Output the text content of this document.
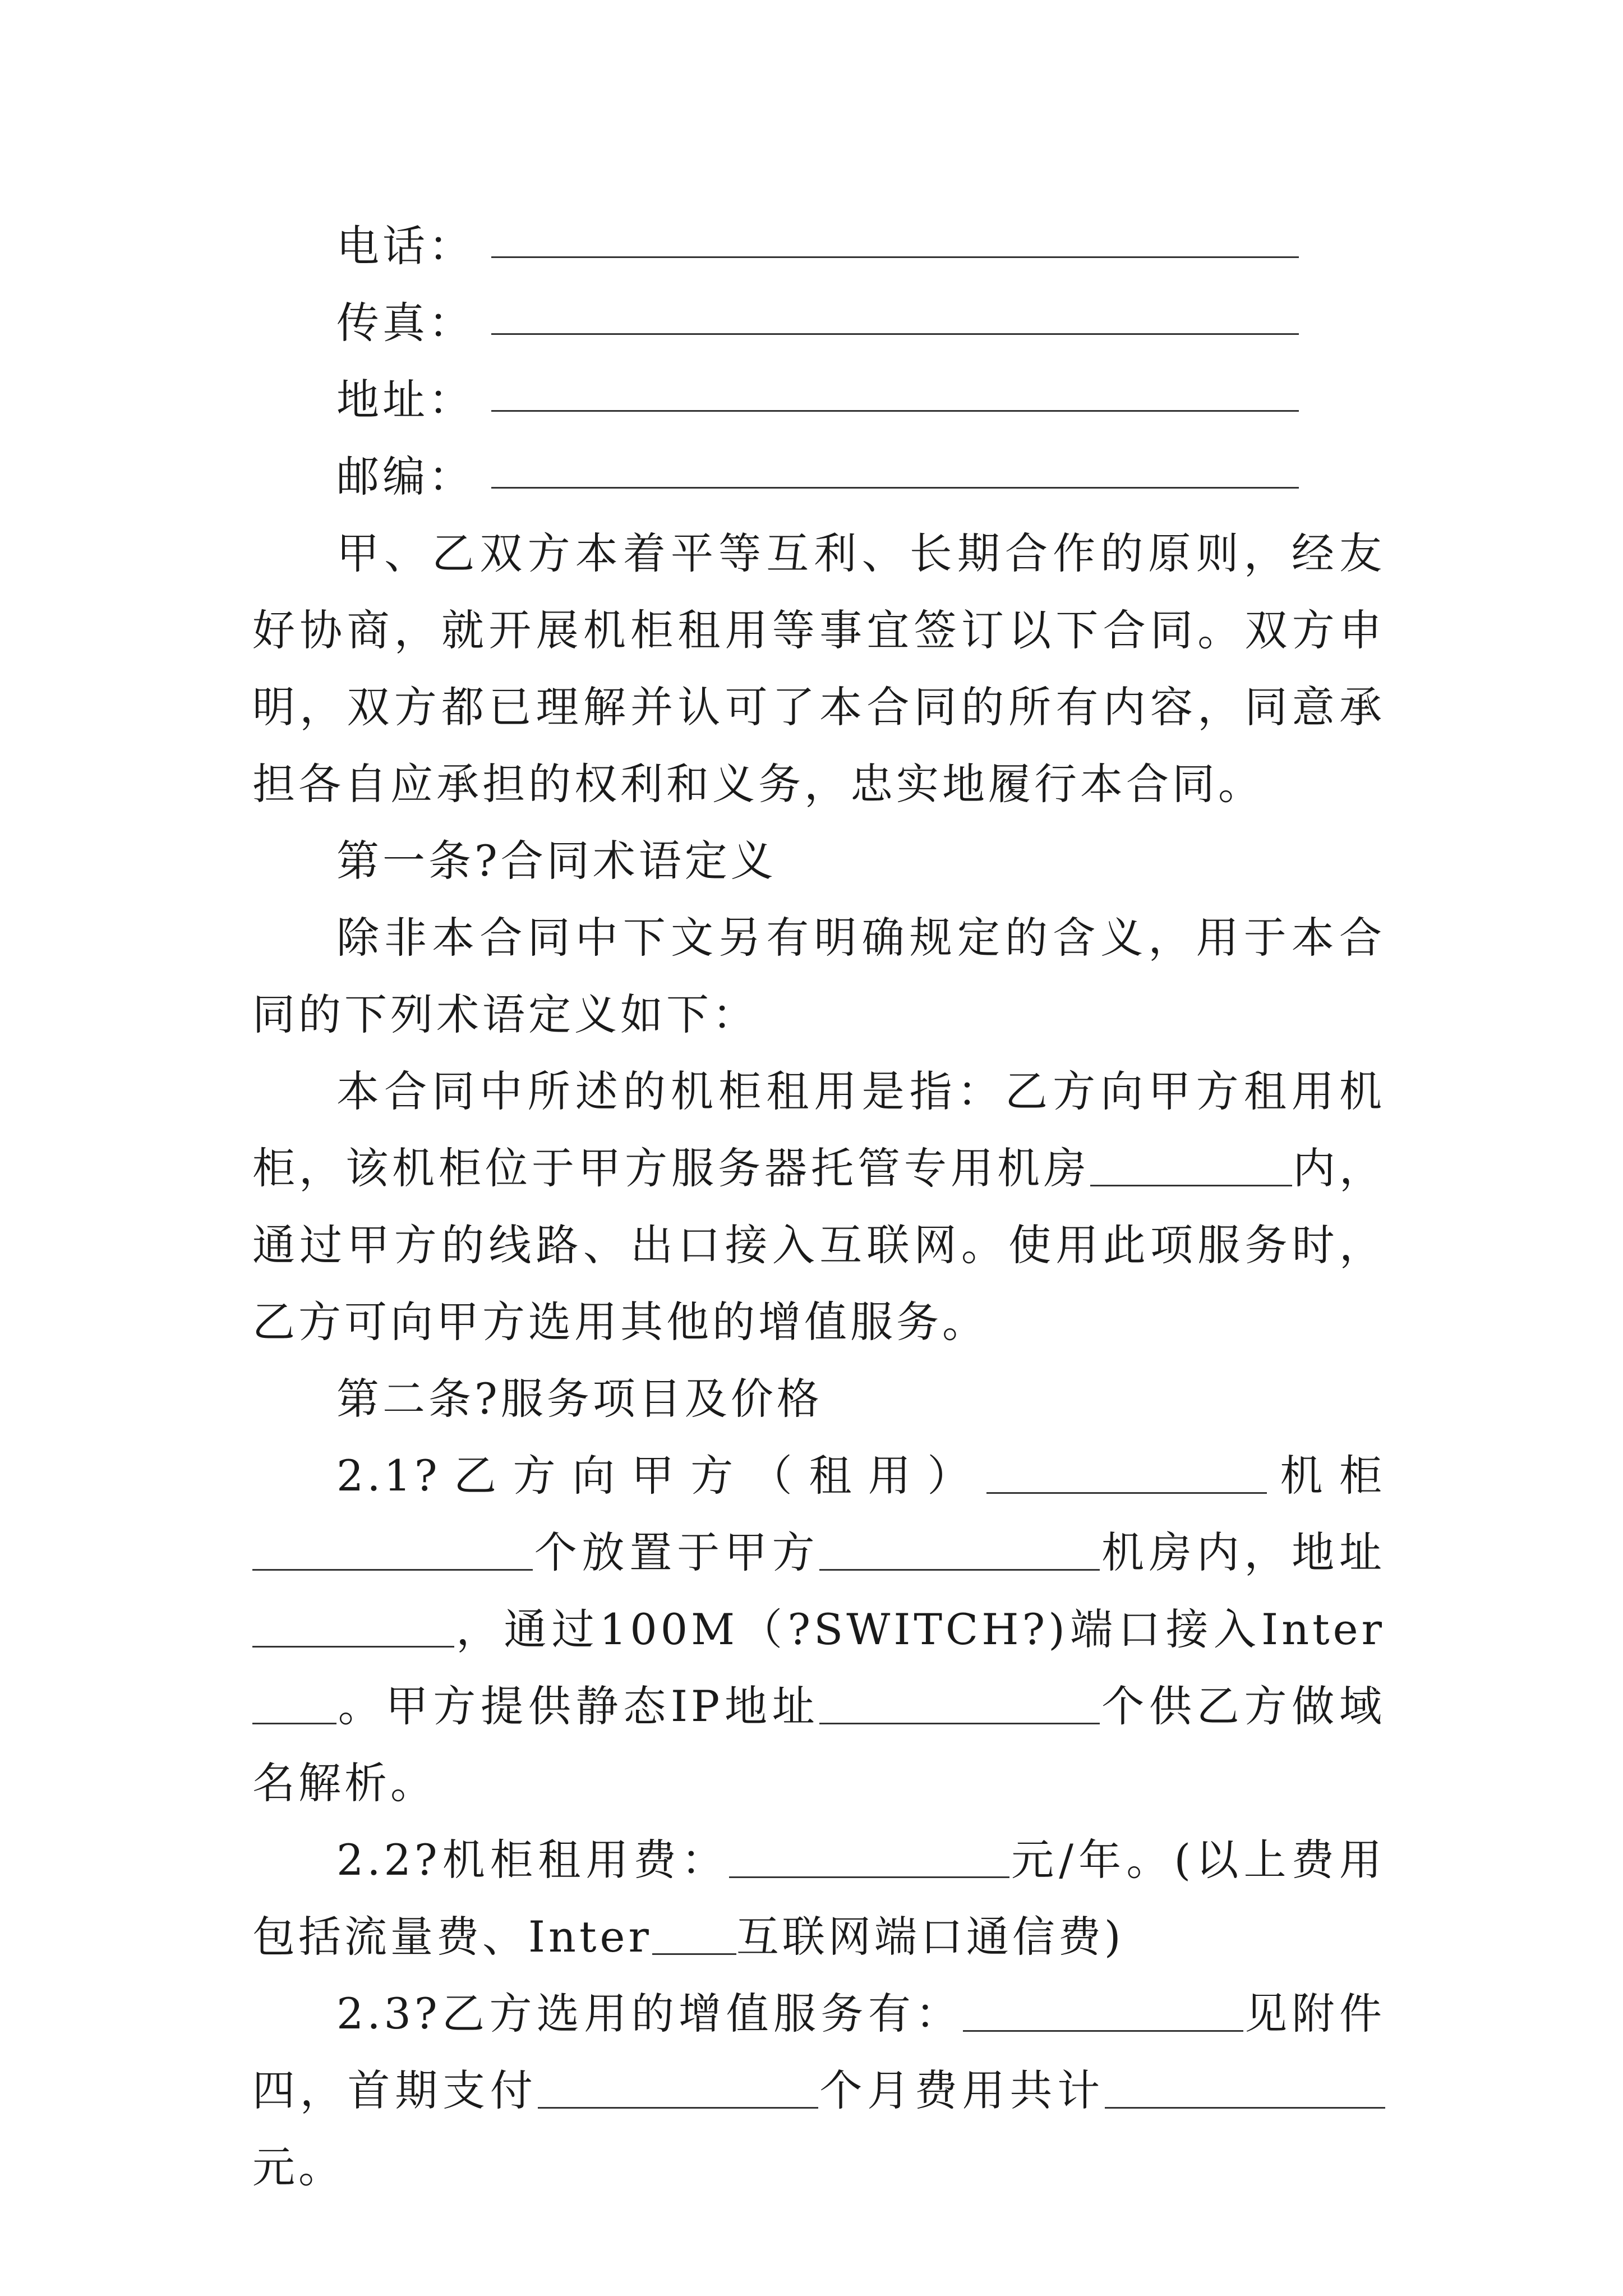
电话：
传真：
地址：
邮编：

甲、乙双方本着平等互利、长期合作的原则，经友好协商，就开展机柜租用等事宜签订以下合同。双方申明，双方都已理解并认可了本合同的所有内容，同意承担各自应承担的权利和义务，忠实地履行本合同。

第一条?合同术语定义

除非本合同中下文另有明确规定的含义，用于本合同的下列术语定义如下：

本合同中所述的机柜租用是指：乙方向甲方租用机柜，该机柜位于甲方服务器托管专用机房	内，通过甲方的线路、出口接入互联网。使用此项服务时，乙方可向甲方选用其他的增值服务。

第二条?服务项目及价格

2.1?乙方向甲方（租用）	机柜个放置于甲方	机房内，地址，通过100M（?SWITCH?)端口接入Inter。甲方提供静态IP地址	个供乙方做域名解析。

2.2?机柜租用费：	元/年。(以上费用包括流量费、Inter 互联网端口通信费)

2.3?乙方选用的增值服务有：	见附件四，首期支付	个月费用共计元。
